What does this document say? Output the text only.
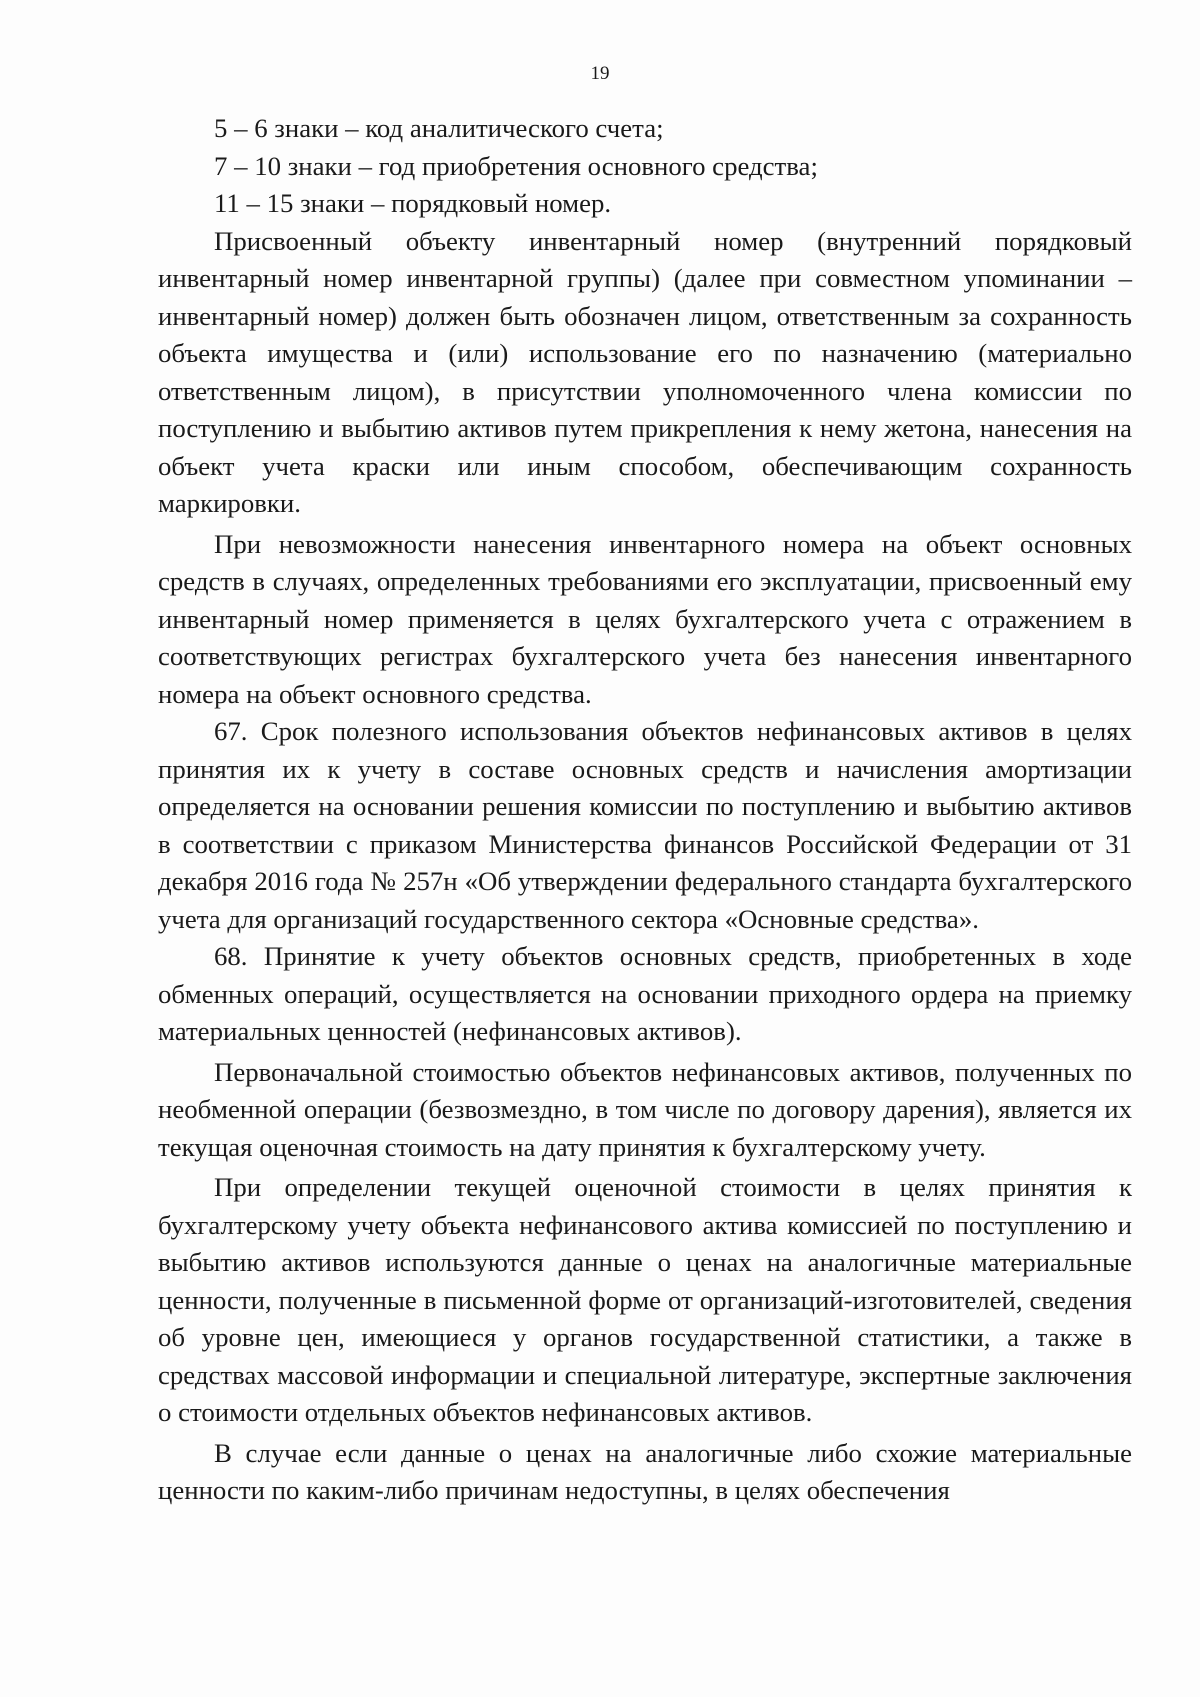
19

5 – 6 знаки – код аналитического счета;

7 – 10 знаки – год приобретения основного средства;

11 – 15 знаки – порядковый номер.

Присвоенный объекту инвентарный номер (внутренний порядковый инвентарный номер инвентарной группы) (далее при совместном упоминании – инвентарный номер) должен быть обозначен лицом, ответственным за сохранность объекта имущества и (или) использование его по назначению (материально ответственным лицом), в присутствии уполномоченного члена комиссии по поступлению и выбытию активов путем прикрепления к нему жетона, нанесения на объект учета краски или иным способом, обеспечивающим сохранность маркировки.

При невозможности нанесения инвентарного номера на объект основных средств в случаях, определенных требованиями его эксплуатации, присвоенный ему инвентарный номер применяется в целях бухгалтерского учета с отражением в соответствующих регистрах бухгалтерского учета без нанесения инвентарного номера на объект основного средства.

67. Срок полезного использования объектов нефинансовых активов в целях принятия их к учету в составе основных средств и начисления амортизации определяется на основании решения комиссии по поступлению и выбытию активов в соответствии с приказом Министерства финансов Российской Федерации от 31 декабря 2016 года № 257н «Об утверждении федерального стандарта бухгалтерского учета для организаций государственного сектора «Основные средства».

68. Принятие к учету объектов основных средств, приобретенных в ходе обменных операций, осуществляется на основании приходного ордера на приемку материальных ценностей (нефинансовых активов).

Первоначальной стоимостью объектов нефинансовых активов, полученных по необменной операции (безвозмездно, в том числе по договору дарения), является их текущая оценочная стоимость на дату принятия к бухгалтерскому учету.

При определении текущей оценочной стоимости в целях принятия к бухгалтерскому учету объекта нефинансового актива комиссией по поступлению и выбытию активов используются данные о ценах на аналогичные материальные ценности, полученные в письменной форме от организаций-изготовителей, сведения об уровне цен, имеющиеся у органов государственной статистики, а также в средствах массовой информации и специальной литературе, экспертные заключения о стоимости отдельных объектов нефинансовых активов.

В случае если данные о ценах на аналогичные либо схожие материальные ценности по каким-либо причинам недоступны, в целях обеспечения
